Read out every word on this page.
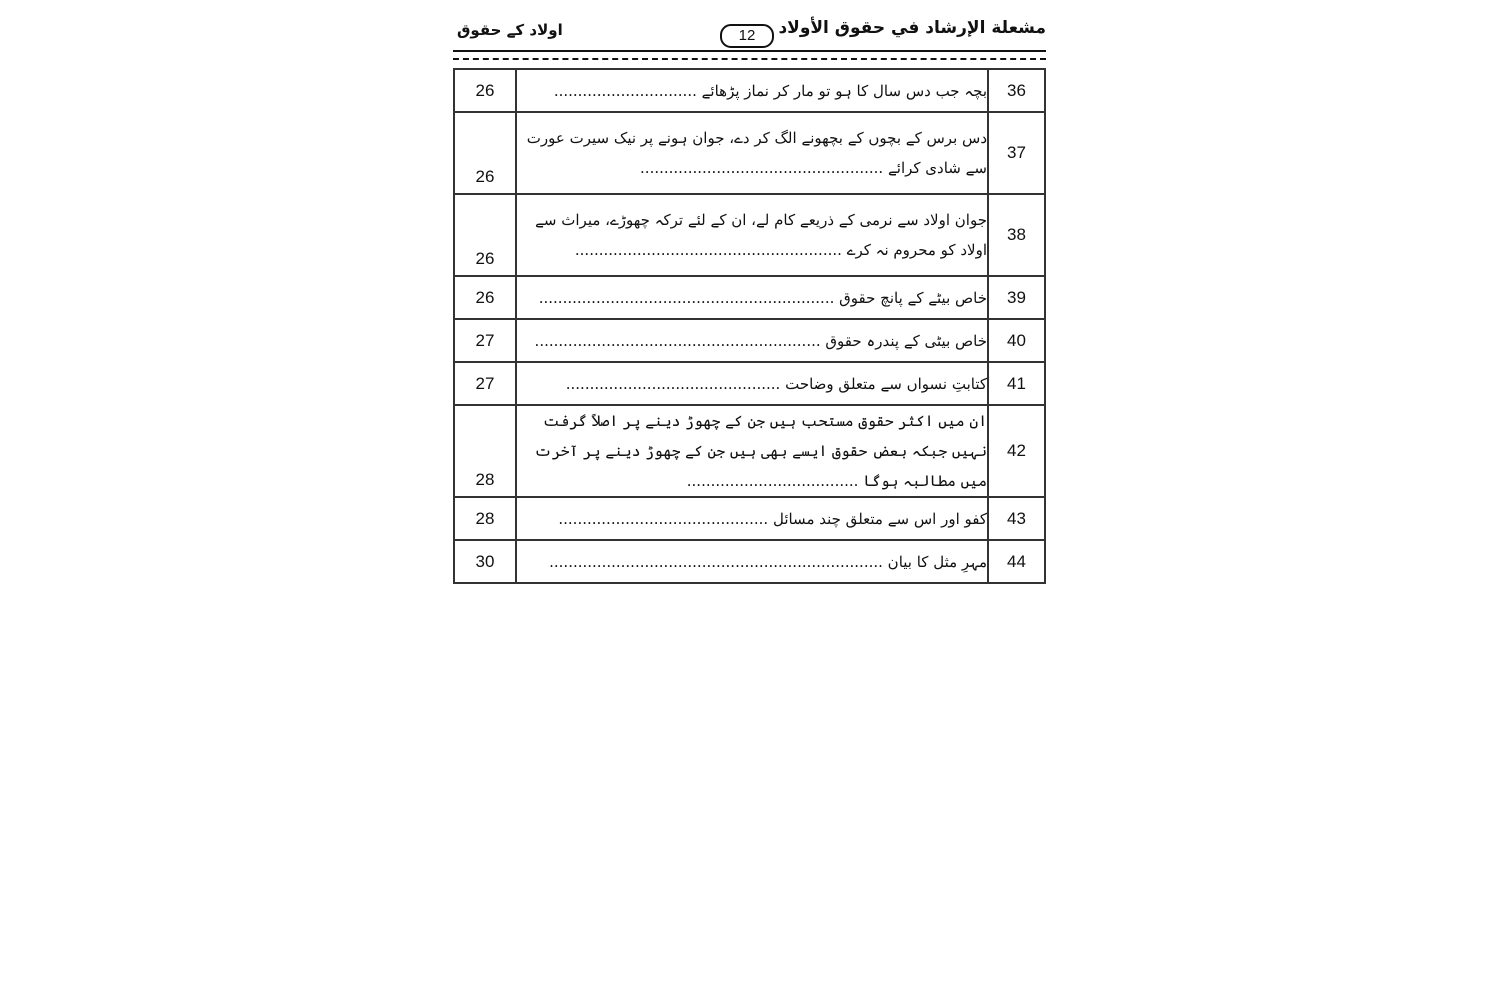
مشعلة الإرشاد في حقوق الأولاد
12
اولاد کے حقوق
26	بچہ جب دس سال کا ہو تو مار کر نماز پڑھائے ..............................	36
26	دس برس کے بچوں کے بچھونے الگ کر دے، جوان ہونے پر نیک سیرت عورت سے شادی کرائے ...................................................	37
26	جوان اولاد سے نرمی کے ذریعے کام لے، ان کے لئے ترکہ چھوڑے، میراث سے اولاد کو محروم نہ کرے ........................................................	38
26	خاص بیٹے کے پانچ حقوق ..............................................................	39
27	خاص بیٹی کے پندرہ حقوق ............................................................	40
27	کتابتِ نسواں سے متعلق وضاحت .............................................	41
28	ان میں اکثر حقوق مستحب ہیں جن کے چھوڑ دینے پر اصلاً گرفت نہیں جبکہ بعض حقوق ایسے بھی ہیں جن کے چھوڑ دینے پر آخرت میں مطالبہ ہوگا ....................................	42
28	کفو اور اس سے متعلق چند مسائل ............................................	43
30	مہرِ مثل کا بیان ......................................................................	44
